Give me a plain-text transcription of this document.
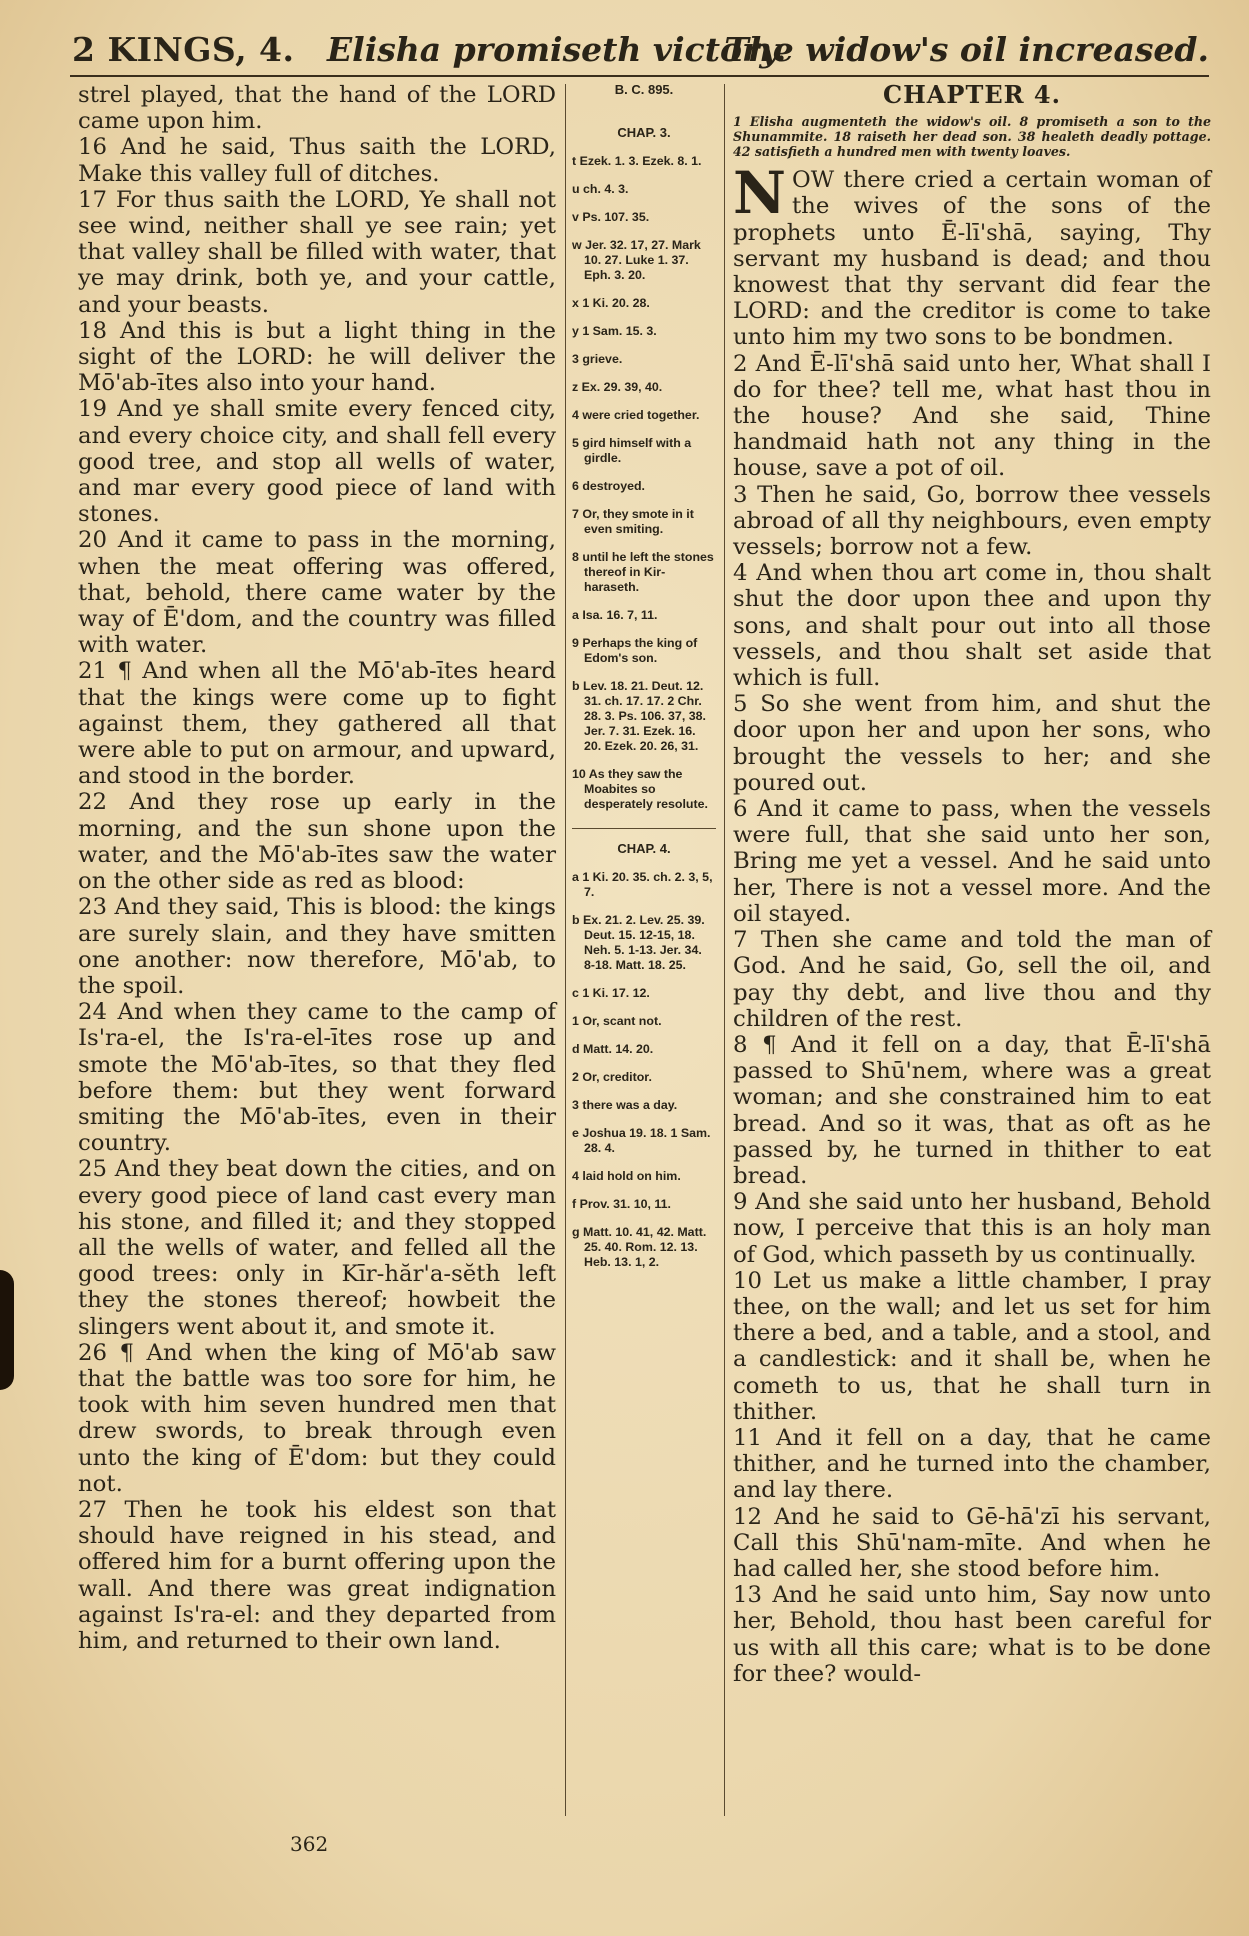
2 KINGS, 4. Elisha promiseth victory.
The widow's oil increased.

strel played, that the hand of the LORD came upon him.

16 And he said, Thus saith the LORD, Make this valley full of ditches.

17 For thus saith the LORD, Ye shall not see wind, neither shall ye see rain; yet that valley shall be filled with water, that ye may drink, both ye, and your cattle, and your beasts.

18 And this is but a light thing in the sight of the LORD: he will deliver the Mō'ab-ītes also into your hand.

19 And ye shall smite every fenced city, and every choice city, and shall fell every good tree, and stop all wells of water, and mar every good piece of land with stones.

20 And it came to pass in the morning, when the meat offering was offered, that, behold, there came water by the way of Ē'dom, and the country was filled with water.

21 ¶ And when all the Mō'ab-ītes heard that the kings were come up to fight against them, they gathered all that were able to put on armour, and upward, and stood in the border.

22 And they rose up early in the morning, and the sun shone upon the water, and the Mō'ab-ītes saw the water on the other side as red as blood:

23 And they said, This is blood: the kings are surely slain, and they have smitten one another: now therefore, Mō'ab, to the spoil.

24 And when they came to the camp of Is'ra-el, the Is'ra-el-ītes rose up and smote the Mō'ab-ītes, so that they fled before them: but they went forward smiting the Mō'ab-ītes, even in their country.

25 And they beat down the cities, and on every good piece of land cast every man his stone, and filled it; and they stopped all the wells of water, and felled all the good trees: only in Kīr-hăr'a-sĕth left they the stones thereof; howbeit the slingers went about it, and smote it.

26 ¶ And when the king of Mō'ab saw that the battle was too sore for him, he took with him seven hundred men that drew swords, to break through even unto the king of Ē'dom: but they could not.

27 Then he took his eldest son that should have reigned in his stead, and offered him for a burnt offering upon the wall. And there was great indignation against Is'ra-el: and they departed from him, and returned to their own land.

B. C. 895.
CHAP. 3.
t Ezek. 1. 3. Ezek. 8. 1.
u ch. 4. 3.
v Ps. 107. 35.
w Jer. 32. 17, 27. Mark 10. 27. Luke 1. 37. Eph. 3. 20.
x 1 Ki. 20. 28.
y 1 Sam. 15. 3.
3 grieve.
z Ex. 29. 39, 40.
4 were cried together.
5 gird himself with a girdle.
6 destroyed.
7 Or, they smote in it even smiting.
8 until he left the stones thereof in Kir-haraseth.
a Isa. 16. 7, 11.
9 Perhaps the king of Edom's son.
b Lev. 18. 21. Deut. 12. 31. ch. 17. 17. 2 Chr. 28. 3. Ps. 106. 37, 38. Jer. 7. 31. Ezek. 16. 20. Ezek. 20. 26, 31.
10 As they saw the Moabites so desperately resolute.
CHAP. 4.
a 1 Ki. 20. 35. ch. 2. 3, 5, 7.
b Ex. 21. 2. Lev. 25. 39. Deut. 15. 12-15, 18. Neh. 5. 1-13. Jer. 34. 8-18. Matt. 18. 25.
c 1 Ki. 17. 12.
1 Or, scant not.
d Matt. 14. 20.
2 Or, creditor.
3 there was a day.
e Joshua 19. 18. 1 Sam. 28. 4.
4 laid hold on him.
f Prov. 31. 10, 11.
g Matt. 10. 41, 42. Matt. 25. 40. Rom. 12. 13. Heb. 13. 1, 2.
CHAPTER 4.
1 Elisha augmenteth the widow's oil. 8 promiseth a son to the Shunammite. 18 raiseth her dead son. 38 healeth deadly pottage. 42 satisfieth a hundred men with twenty loaves.

NOW there cried a certain woman of the wives of the sons of the prophets unto Ē-lī'shā, saying, Thy servant my husband is dead; and thou knowest that thy servant did fear the LORD: and the creditor is come to take unto him my two sons to be bondmen.

2 And Ē-lī'shā said unto her, What shall I do for thee? tell me, what hast thou in the house? And she said, Thine handmaid hath not any thing in the house, save a pot of oil.

3 Then he said, Go, borrow thee vessels abroad of all thy neighbours, even empty vessels; borrow not a few.

4 And when thou art come in, thou shalt shut the door upon thee and upon thy sons, and shalt pour out into all those vessels, and thou shalt set aside that which is full.

5 So she went from him, and shut the door upon her and upon her sons, who brought the vessels to her; and she poured out.

6 And it came to pass, when the vessels were full, that she said unto her son, Bring me yet a vessel. And he said unto her, There is not a vessel more. And the oil stayed.

7 Then she came and told the man of God. And he said, Go, sell the oil, and pay thy debt, and live thou and thy children of the rest.

8 ¶ And it fell on a day, that Ē-lī'shā passed to Shū'nem, where was a great woman; and she constrained him to eat bread. And so it was, that as oft as he passed by, he turned in thither to eat bread.

9 And she said unto her husband, Behold now, I perceive that this is an holy man of God, which passeth by us continually.

10 Let us make a little chamber, I pray thee, on the wall; and let us set for him there a bed, and a table, and a stool, and a candlestick: and it shall be, when he cometh to us, that he shall turn in thither.

11 And it fell on a day, that he came thither, and he turned into the chamber, and lay there.

12 And he said to Gē-hā'zī his servant, Call this Shū'nam-mīte. And when he had called her, she stood before him.

13 And he said unto him, Say now unto her, Behold, thou hast been careful for us with all this care; what is to be done for thee? would-

362
